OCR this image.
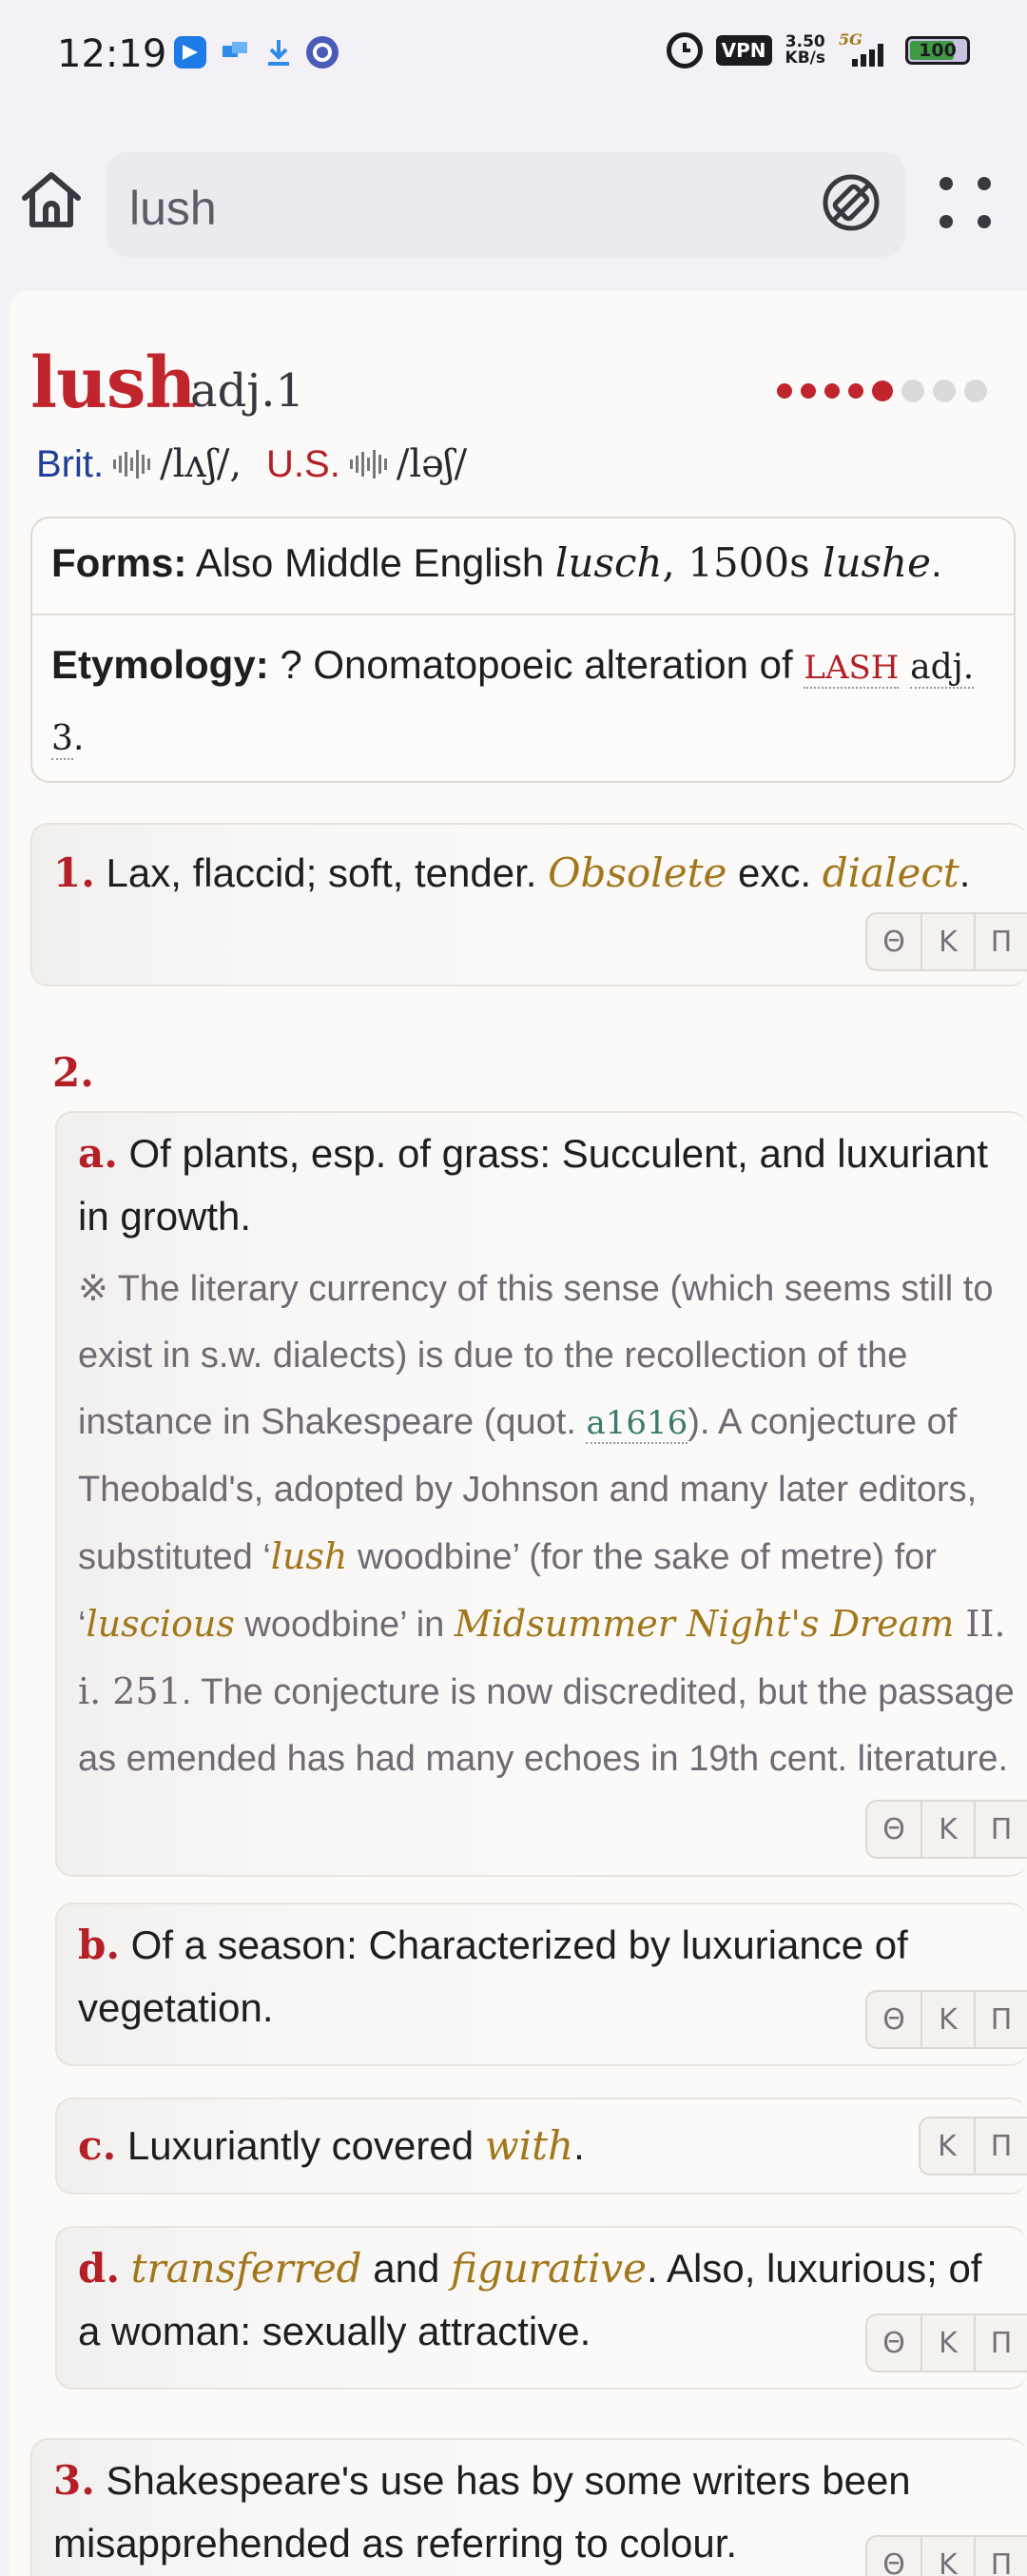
12:19	VPN	3.50
KB/s
5G
100
lush
lush
adj.1
Brit. /lʌʃ/, U.S. /ləʃ/
Forms: Also Middle English lusch, 1500s lushe.
Etymology: ? Onomatopoeic alteration of LASH adj.
3.
1. Lax, flaccid; soft, tender. Obsolete exc. dialect.
Θ	Κ	Π
2.
a. Of plants, esp. of grass: Succulent, and luxuriant in growth.
※ The literary currency of this sense (which seems still to exist in s.w. dialects) is due to the recollection of the instance in Shakespeare (quot. a1616). A conjecture of Theobald's, adopted by Johnson and many later editors, substituted ‘lush woodbine’ (for the sake of metre) for ‘luscious woodbine’ in Midsummer Night's Dream II. i. 251. The conjecture is now discredited, but the passage as emended has had many echoes in 19th cent. literature.
Θ	Κ	Π
b. Of a season: Characterized by luxuriance of vegetation.	Θ	Κ	Π
c. Luxuriantly covered with.	Κ	Π
d. transferred and figurative. Also, luxurious; of a woman: sexually attractive.	Θ	Κ	Π
3. Shakespeare's use has by some writers been misapprehended as referring to colour.	Θ	Κ	Π
